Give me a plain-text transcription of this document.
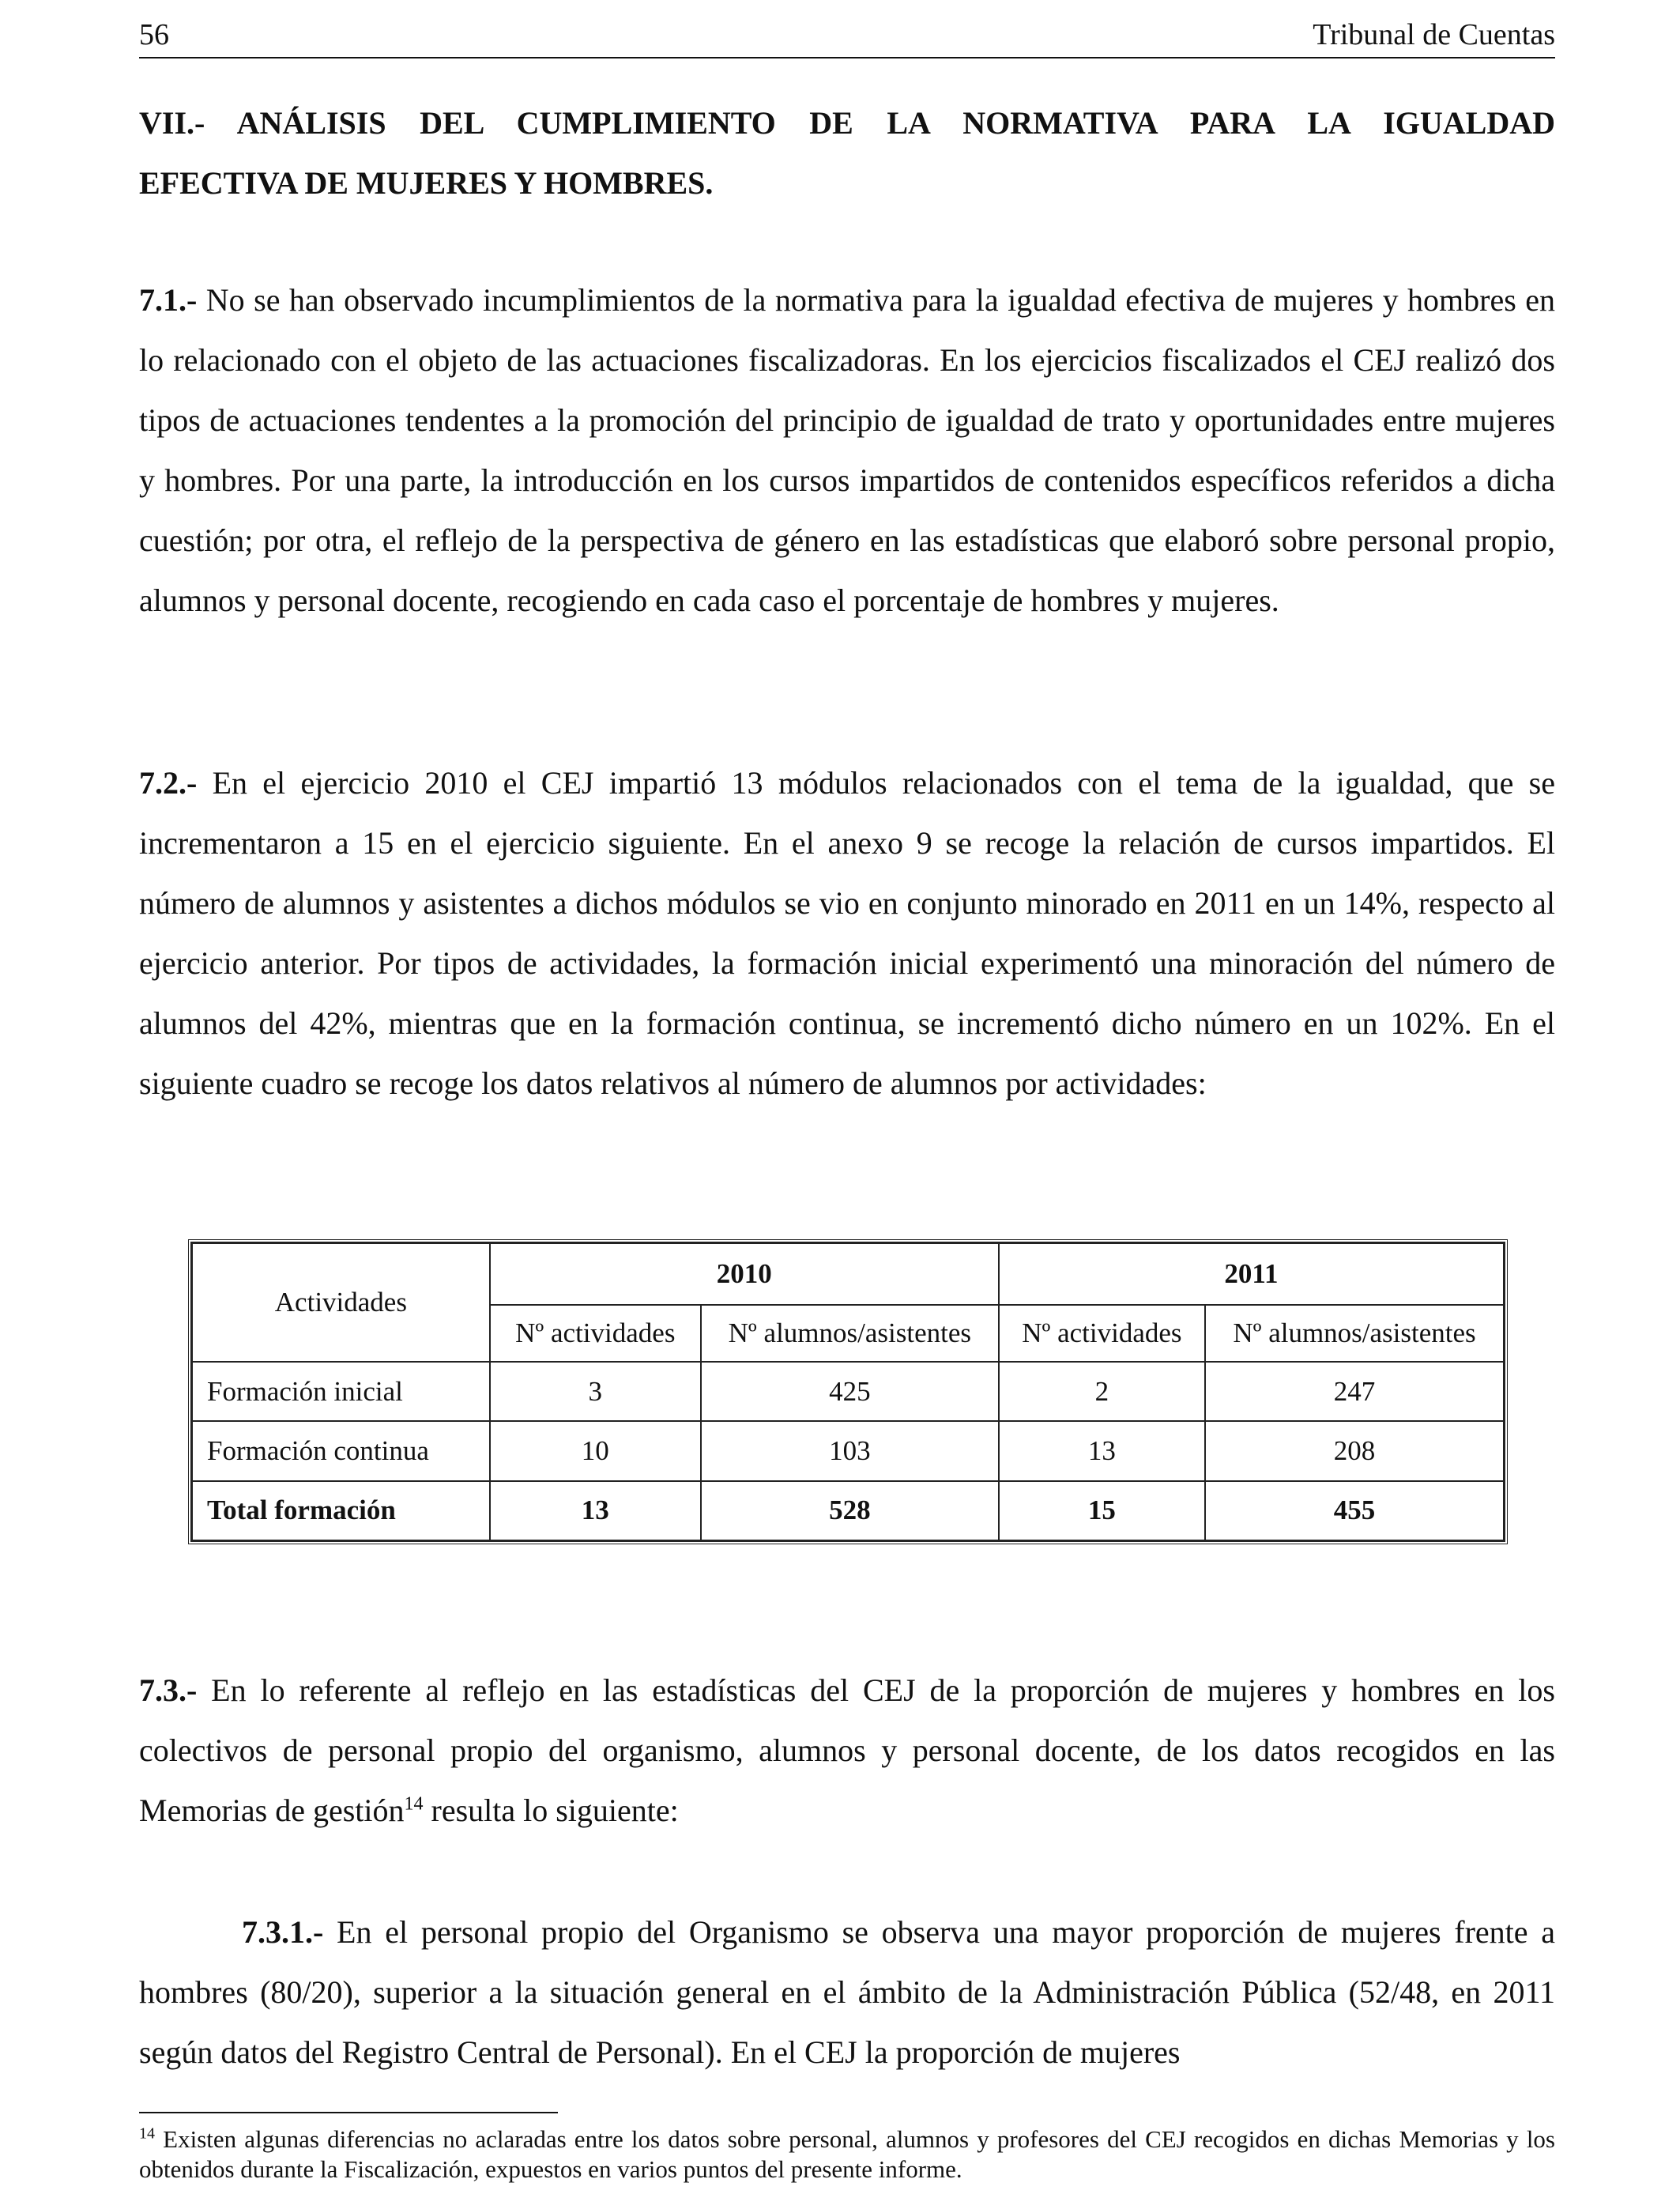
56	Tribunal de Cuentas
VII.- ANÁLISIS DEL CUMPLIMIENTO DE LA NORMATIVA PARA LA IGUALDAD
EFECTIVA DE MUJERES Y HOMBRES.
7.1.- No se han observado incumplimientos de la normativa para la igualdad efectiva de mujeres y hombres en lo relacionado con el objeto de las actuaciones fiscalizadoras. En los ejercicios fiscalizados el CEJ realizó dos tipos de actuaciones tendentes a la promoción del principio de igualdad de trato y oportunidades entre mujeres y hombres. Por una parte, la introducción en los cursos impartidos de contenidos específicos referidos a dicha cuestión; por otra, el reflejo de la perspectiva de género en las estadísticas que elaboró sobre personal propio, alumnos y personal docente, recogiendo en cada caso el porcentaje de hombres y mujeres.
7.2.- En el ejercicio 2010 el CEJ impartió 13 módulos relacionados con el tema de la igualdad, que se incrementaron a 15 en el ejercicio siguiente. En el anexo 9 se recoge la relación de cursos impartidos. El número de alumnos y asistentes a dichos módulos se vio en conjunto minorado en 2011 en un 14%, respecto al ejercicio anterior. Por tipos de actividades, la formación inicial experimentó una minoración del número de alumnos del 42%, mientras que en la formación continua, se incrementó dicho número en un 102%. En el siguiente cuadro se recoge los datos relativos al número de alumnos por actividades:
Actividades	2010		2011	
	Nº actividades	Nº alumnos/asistentes	Nº actividades	Nº alumnos/asistentes
Formación inicial	3	425	2	247
Formación continua	10	103	13	208
Total formación	13	528	15	455
7.3.- En lo referente al reflejo en las estadísticas del CEJ de la proporción de mujeres y hombres en los colectivos de personal propio del organismo, alumnos y personal docente, de los datos recogidos en las Memorias de gestión$^{14}$ resulta lo siguiente:
7.3.1.- En el personal propio del Organismo se observa una mayor proporción de mujeres frente a hombres (80/20), superior a la situación general en el ámbito de la Administración Pública (52/48, en 2011 según datos del Registro Central de Personal). En el CEJ la proporción de mujeres
$^{14}$ Existen algunas diferencias no aclaradas entre los datos sobre personal, alumnos y profesores del CEJ recogidos en dichas Memorias y los obtenidos durante la Fiscalización, expuestos en varios puntos del presente informe.
